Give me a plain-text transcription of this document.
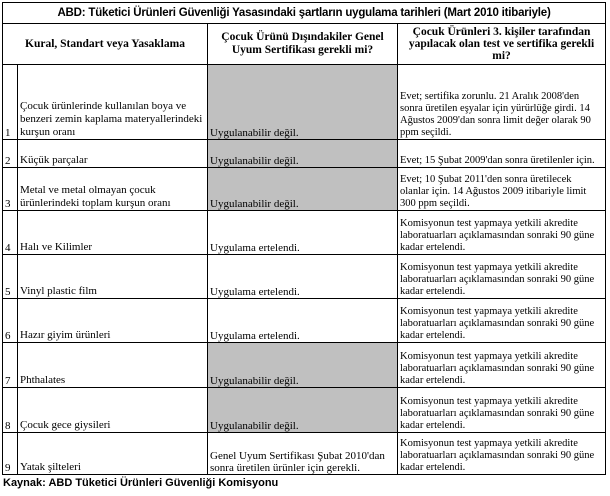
ABD: Tüketici Ürünleri Güvenliği Yasasındaki şartların uygulama tarihleri (Mart 2010 itibariyle)			
Kural, Standart veya Yasaklama		Çocuk Ürünü Dışındakiler Genel Uyum Sertifikası gerekli mi?	Çocuk Ürünleri 3. kişiler tarafından yapılacak olan test ve sertifika gerekli mi?
1	Çocuk ürünlerinde kullanılan boya ve benzeri zemin kaplama materyallerindeki kurşun oranı	Uygulanabilir değil.	Evet; sertifika zorunlu. 21 Aralık 2008'den sonra üretilen eşyalar için yürürlüğe girdi. 14 Ağustos 2009'dan sonra limit değer olarak 90 ppm seçildi.
2	Küçük parçalar	Uygulanabilir değil.	Evet; 15 Şubat 2009'dan sonra üretilenler için.
3	Metal ve metal olmayan çocuk ürünlerindeki toplam kurşun oranı	Uygulanabilir değil.	Evet; 10 Şubat 2011'den sonra üretilecek olanlar için. 14 Ağustos 2009 itibariyle limit 300 ppm seçildi.
4	Halı ve Kilimler	Uygulama ertelendi.	Komisyonun test yapmaya yetkili akredite laboratuarları açıklamasından sonraki 90 güne kadar ertelendi.
5	Vinyl plastic film	Uygulama ertelendi.	Komisyonun test yapmaya yetkili akredite laboratuarları açıklamasından sonraki 90 güne kadar ertelendi.
6	Hazır giyim ürünleri	Uygulama ertelendi.	Komisyonun test yapmaya yetkili akredite laboratuarları açıklamasından sonraki 90 güne kadar ertelendi.
7	Phthalates	Uygulanabilir değil.	Komisyonun test yapmaya yetkili akredite laboratuarları açıklamasından sonraki 90 güne kadar ertelendi.
8	Çocuk gece giysileri	Uygulanabilir değil.	Komisyonun test yapmaya yetkili akredite laboratuarları açıklamasından sonraki 90 güne kadar ertelendi.
9	Yatak şilteleri	Genel Uyum Sertifikası Şubat 2010'dan sonra üretilen ürünler için gerekli.	Komisyonun test yapmaya yetkili akredite laboratuarları açıklamasından sonraki 90 güne kadar ertelendi.
Kaynak: ABD Tüketici Ürünleri Güvenliği Komisyonu
